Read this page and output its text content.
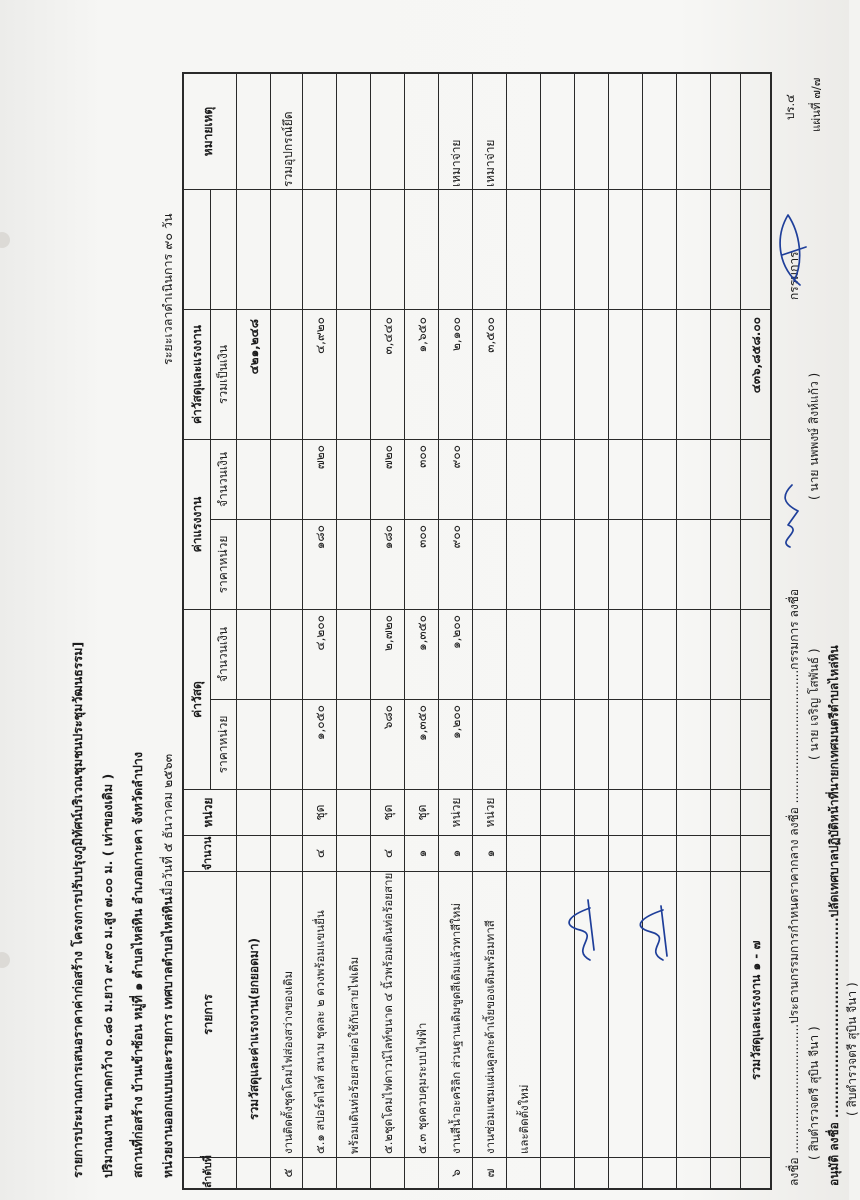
ปร.๔ แผ่นที่ ๗/๗
รายการประมาณการเสนอราคาค่าก่อสร้าง โครงการปรับปรุงภูมิทัศน์บริเวณชุมชนประชุมวัฒนธรรม] ปริมาณงาน ขนาดกว้าง ๐.๘๐ ม.ยาว ๙.๙๐ ม.สูง ๗.๐๐ ม. ( เท่าของเดิม ) สถานที่ก่อสร้าง บ้านเข้าซ้อน หมู่ที่ ๑ ตำบลไหล่หิน อำเภอเกาะคา จังหวัดลำปาง หน่วยงานออกแบบและรายการ เทศบาลตำบลไหล่หิน
เมื่อวันที่ ๕ ธันวาคม ๒๕๖๓
ระยะเวลาดำเนินการ ๙๐ วัน
ลำดับที่
รายการ
จำนวน
หน่วย
ค่าวัสดุ
ค่าแรงงาน
ค่าวัสดุและแรงงาน
หมายเหตุ
ราคาหน่วย
จำนวนเงิน
ราคาหน่วย
จำนวนเงิน
รวมเป็นเงิน
รวมวัสดุและค่าแรงงาน(ยกยอดมา)
๔๒๑,๒๔๘
๕
งานติดตั้งชุดโคมไฟส่องสว่างของเดิม
รวมอุปกรณ์ยึด
๕.๑ สปอร์ตไลท์ สนาม ชุดละ ๒ ดวงพร้อมแขนยื่น
๔
ชุด
๑,๐๕๐
๔,๒๐๐
๑๘๐
๗๒๐
๔,๙๒๐
พร้อมเดินท่อร้อยสายต่อใช้กับสายไฟเดิม ๕.๒ชุดโคมไฟดาวน์ไลท์ขนาด ๔ นิ้วพร้อมเดินท่อร้อยสาย
๔
ชุด
๖๘๐
๒,๗๒๐
๑๘๐
๗๒๐
๓,๔๔๐
๕.๓ ชุดควบคุมระบบไฟฟ้า
๑
ชุด
๑,๓๕๐
๑,๓๕๐
๓๐๐
๓๐๐
๑,๖๕๐
๖
งานสีน้ำอะคริลิก ส่วนฐานเดิมขูดสีเดิมแล้วทาสีใหม่
๑
หน่วย
๑,๒๐๐
๑,๒๐๐
๙๐๐
๙๐๐
๒,๑๐๐
เหมาจ่าย
๗
งานซ่อมแซมแผ่นคูลกะด้าเงิ้ยของเดิมพร้อมทาสี
๑
หน่วย
๓,๕๐๐
เหมาจ่าย
และติดตั้งใหม่
รวมวัสดุและแรงงาน ๑ - ๗
๔๓๖,๘๕๘.๐๐
ลงชื่อ ..................................ประธานกรรมการกำหนดราคากลาง ลงชื่อ ...................................กรรมการ ลงชื่อ
กรรมการ
( สิบตำรวจตรี สุบิน จีนา )
( นาย เจริญ โสพันธ์ )
( นาย นพพงษ์ สิงห์แก้ว )
อนุมัติ ลงชื่อ ............................................ปลัดเทศบาลปฏิบัติหน้าที่นายกเทศมนตรีตำบลไหล่หิน ( สิบตำรวจตรี สุบิน จีนา )
